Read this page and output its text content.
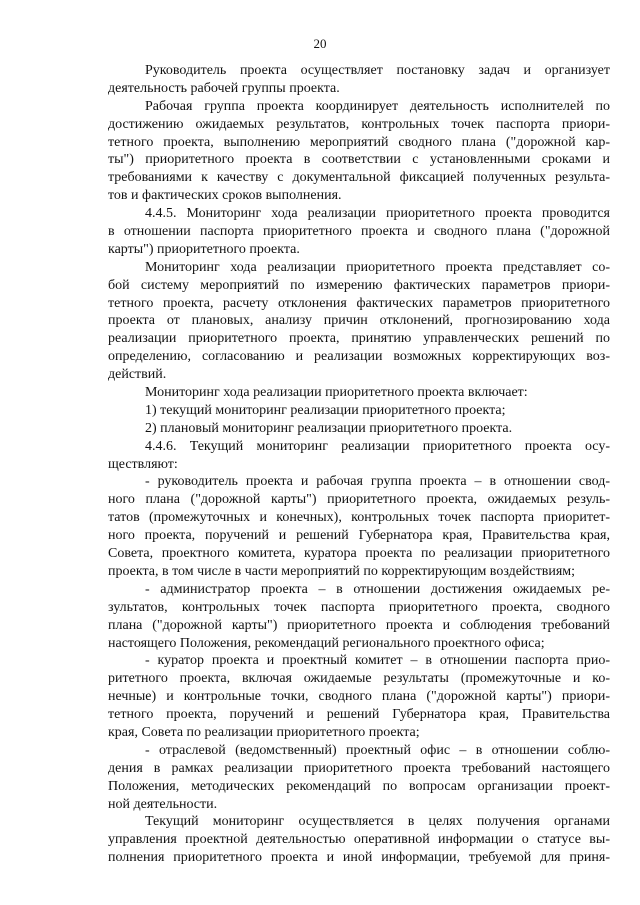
20
Руководитель проекта осуществляет постановку задач и организует
деятельность рабочей группы проекта.
Рабочая группа проекта координирует деятельность исполнителей по
достижению ожидаемых результатов, контрольных точек паспорта приори-
тетного проекта, выполнению мероприятий сводного плана ("дорожной кар-
ты") приоритетного проекта в соответствии с установленными сроками и
требованиями к качеству с документальной фиксацией полученных результа-
тов и фактических сроков выполнения.
4.4.5. Мониторинг хода реализации приоритетного проекта проводится
в отношении паспорта приоритетного проекта и сводного плана ("дорожной
карты") приоритетного проекта.
Мониторинг хода реализации приоритетного проекта представляет со-
бой систему мероприятий по измерению фактических параметров приори-
тетного проекта, расчету отклонения фактических параметров приоритетного
проекта от плановых, анализу причин отклонений, прогнозированию хода
реализации приоритетного проекта, принятию управленческих решений по
определению, согласованию и реализации возможных корректирующих воз-
действий.
Мониторинг хода реализации приоритетного проекта включает:
1) текущий мониторинг реализации приоритетного проекта;
2) плановый мониторинг реализации приоритетного проекта.
4.4.6. Текущий мониторинг реализации приоритетного проекта осу-
ществляют:
- руководитель проекта и рабочая группа проекта – в отношении свод-
ного плана ("дорожной карты") приоритетного проекта, ожидаемых резуль-
татов (промежуточных и конечных), контрольных точек паспорта приоритет-
ного проекта, поручений и решений Губернатора края, Правительства края,
Совета, проектного комитета, куратора проекта по реализации приоритетного
проекта, в том числе в части мероприятий по корректирующим воздействиям;
- администратор проекта – в отношении достижения ожидаемых ре-
зультатов, контрольных точек паспорта приоритетного проекта, сводного
плана ("дорожной карты") приоритетного проекта и соблюдения требований
настоящего Положения, рекомендаций регионального проектного офиса;
- куратор проекта и проектный комитет – в отношении паспорта прио-
ритетного проекта, включая ожидаемые результаты (промежуточные и ко-
нечные) и контрольные точки, сводного плана ("дорожной карты") приори-
тетного проекта, поручений и решений Губернатора края, Правительства
края, Совета по реализации приоритетного проекта;
- отраслевой (ведомственный) проектный офис – в отношении соблю-
дения в рамках реализации приоритетного проекта требований настоящего
Положения, методических рекомендаций по вопросам организации проект-
ной деятельности.
Текущий мониторинг осуществляется в целях получения органами
управления проектной деятельностью оперативной информации о статусе вы-
полнения приоритетного проекта и иной информации, требуемой для приня-
